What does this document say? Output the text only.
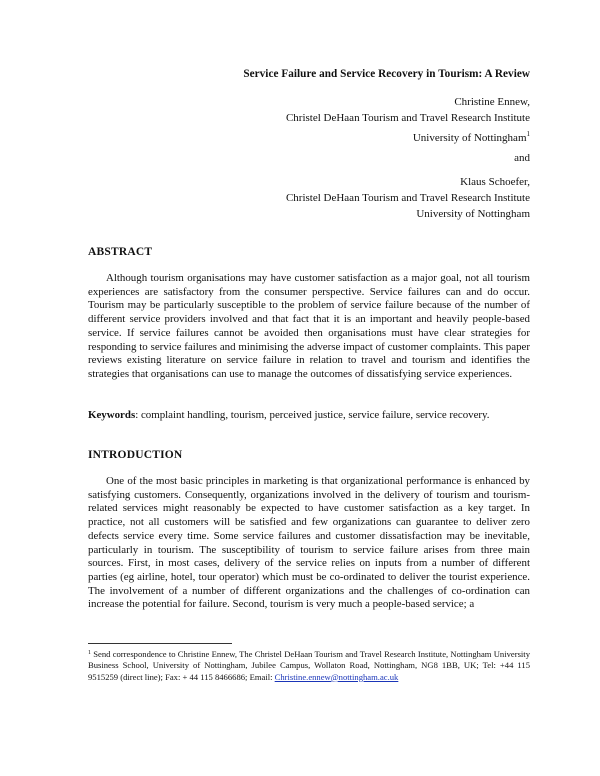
Service Failure and Service Recovery in Tourism: A Review
Christine Ennew,
Christel DeHaan Tourism and Travel Research Institute
University of Nottingham$^1$
and
Klaus Schoefer,
Christel DeHaan Tourism and Travel Research Institute
University of Nottingham
ABSTRACT

Although tourism organisations may have customer satisfaction as a major goal, not all tourism experiences are satisfactory from the consumer perspective. Service failures can and do occur. Tourism may be particularly susceptible to the problem of service failure because of the number of different service providers involved and that fact that it is an important and heavily people-based service. If service failures cannot be avoided then organisations must have clear strategies for responding to service failures and minimising the adverse impact of customer complaints. This paper reviews existing literature on service failure in relation to travel and tourism and identifies the strategies that organisations can use to manage the outcomes of dissatisfying service experiences.

Keywords: complaint handling, tourism, perceived justice, service failure, service recovery.
INTRODUCTION

One of the most basic principles in marketing is that organizational performance is enhanced by satisfying customers. Consequently, organizations involved in the delivery of tourism and tourism-related services might reasonably be expected to have customer satisfaction as a key target. In practice, not all customers will be satisfied and few organizations can guarantee to deliver zero defects service every time. Some service failures and customer dissatisfaction may be inevitable, particularly in tourism. The susceptibility of tourism to service failure arises from three main sources. First, in most cases, delivery of the service relies on inputs from a number of different parties (eg airline, hotel, tour operator) which must be co-ordinated to deliver the tourist experience. The involvement of a number of different organizations and the challenges of co-ordination can increase the potential for failure. Second, tourism is very much a people-based service; a

$^1$ Send correspondence to Christine Ennew, The Christel DeHaan Tourism and Travel Research Institute, Nottingham University Business School, University of Nottingham, Jubilee Campus, Wollaton Road, Nottingham, NG8 1BB, UK; Tel: +44 115 9515259 (direct line); Fax: + 44 115 8466686; Email: Christine.ennew@nottingham.ac.uk
